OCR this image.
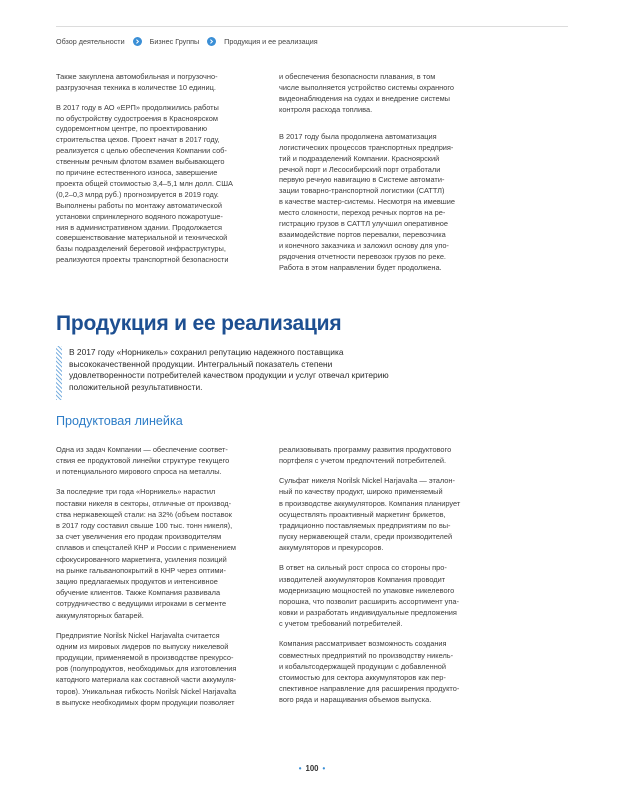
Обзор деятельности	Бизнес Группы	Продукция и ее реализация

Также закуплена автомобильная и погрузочно-
разгрузочная техника в количестве 10 единиц.

В 2017 году в АО «ЕРП» продолжились работы
по обустройству судостроения в Красноярском
судоремонтном центре, по проектированию
строительства цехов. Проект начат в 2017 году,
реализуется с целью обеспечения Компании соб-
ственным речным флотом взамен выбывающего
по причине естественного износа, завершение
проекта общей стоимостью 3,4–5,1 млн долл. США
(0,2–0,3 млрд руб.) прогнозируется в 2019 году.
Выполнены работы по монтажу автоматической
установки спринклерного водяного пожаротуше-
ния в административном здании. Продолжается
совершенствование материальной и технической
базы подразделений береговой инфраструктуры,
реализуются проекты транспортной безопасности

и обеспечения безопасности плавания, в том
числе выполняется устройство системы охранного
видеонаблюдения на судах и внедрение системы
контроля расхода топлива.

В 2017 году была продолжена автоматизация
логистических процессов транспортных предприя-
тий и подразделений Компании. Красноярский
речной порт и Лесосибирский порт отработали
первую речную навигацию в Системе автомати-
зации товарно-транспортной логистики (САТТЛ)
в качестве мастер-системы. Несмотря на имевшие
место сложности, переход речных портов на ре-
гистрацию грузов в САТТЛ улучшил оперативное
взаимодействие портов перевалки, перевозчика
и конечного заказчика и заложил основу для упо-
рядочения отчетности перевозок грузов по реке.
Работа в этом направлении будет продолжена.

Продукция и ее реализация
В 2017 году «Норникель» сохранил репутацию надежного поставщика
высококачественной продукции. Интегральный показатель степени
удовлетворенности потребителей качеством продукции и услуг отвечал критерию
положительной результативности.
Продуктовая линейка

Одна из задач Компании — обеспечение соответ-
ствия ее продуктовой линейки структуре текущего
и потенциального мирового спроса на металлы.

За последние три года «Норникель» нарастил
поставки никеля в секторы, отличные от производ-
ства нержавеющей стали: на 32% (объем поставок
в 2017 году составил свыше 100 тыс. тонн никеля),
за счет увеличения его продаж производителям
сплавов и спецсталей КНР и России с применением
сфокусированного маркетинга, усиления позиций
на рынке гальванопокрытий в КНР через оптими-
зацию предлагаемых продуктов и интенсивное
обучение клиентов. Также Компания развивала
сотрудничество с ведущими игроками в сегменте
аккумуляторных батарей.

Предприятие Norilsk Nickel Harjavalta считается
одним из мировых лидеров по выпуску никелевой
продукции, применяемой в производстве прекурсо-
ров (полупродуктов, необходимых для изготовления
катодного материала как составной части аккумуля-
торов). Уникальная гибкость Norilsk Nickel Harjavalta
в выпуске необходимых форм продукции позволяет

реализовывать программу развития продуктового
портфеля с учетом предпочтений потребителей.

Сульфат никеля Norilsk Nickel Harjavalta — эталон-
ный по качеству продукт, широко применяемый
в производстве аккумуляторов. Компания планирует
осуществлять проактивный маркетинг брикетов,
традиционно поставляемых предприятиям по вы-
пуску нержавеющей стали, среди производителей
аккумуляторов и прекурсоров.

В ответ на сильный рост спроса со стороны про-
изводителей аккумуляторов Компания проводит
модернизацию мощностей по упаковке никелевого
порошка, что позволит расширить ассортимент упа-
ковки и разработать индивидуальные предложения
с учетом требований потребителей.

Компания рассматривает возможность создания
совместных предприятий по производству никель-
и кобальтсодержащей продукции с добавленной
стоимостью для сектора аккумуляторов как пер-
спективное направление для расширения продукто-
вого ряда и наращивания объемов выпуска.

• 100 •
